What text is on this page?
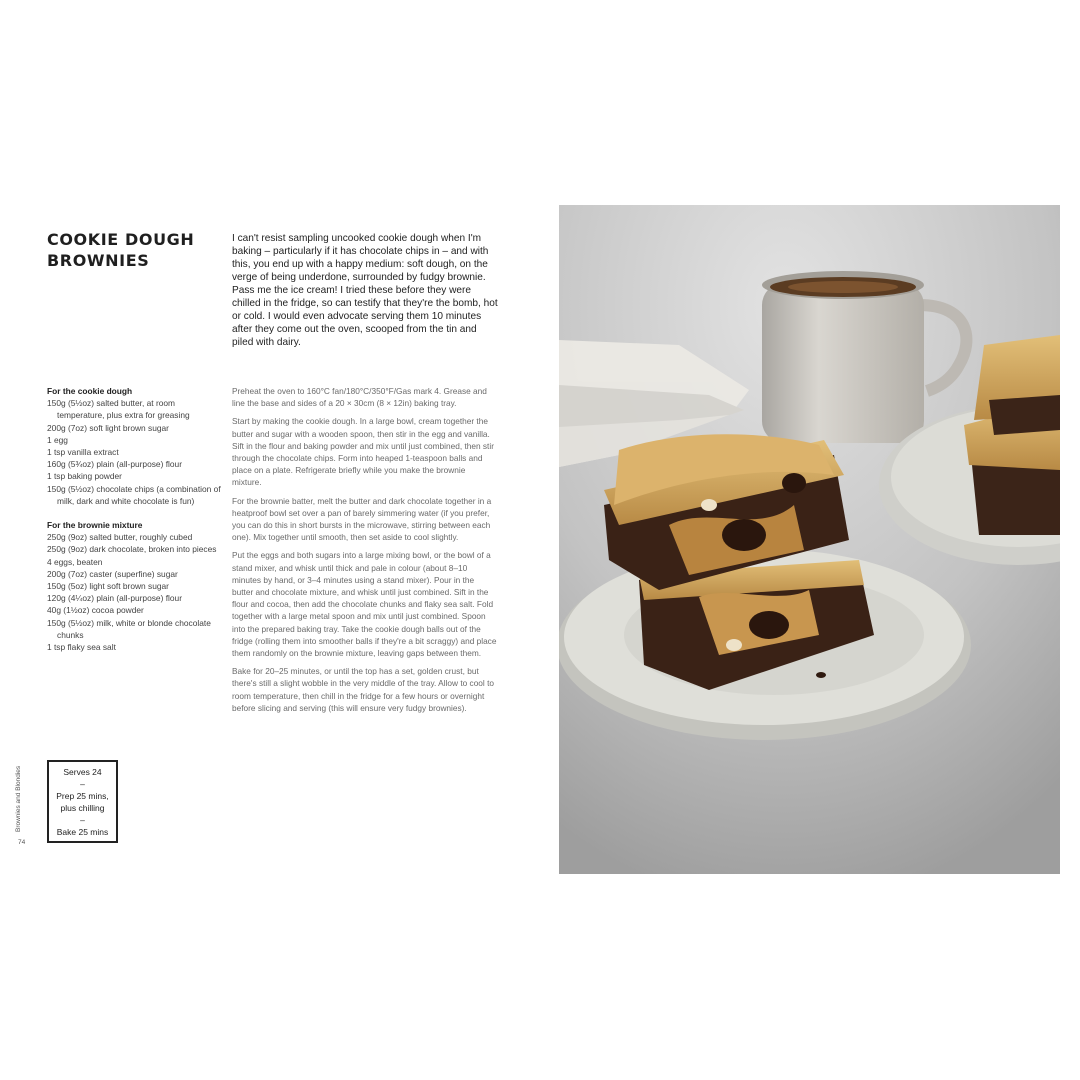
COOKIE DOUGH
BROWNIES
I can't resist sampling uncooked cookie dough when I'm baking – particularly if it has chocolate chips in – and with this, you end up with a happy medium: soft dough, on the verge of being underdone, surrounded by fudgy brownie. Pass me the ice cream! I tried these before they were chilled in the fridge, so can testify that they're the bomb, hot or cold. I would even advocate serving them 10 minutes after they come out the oven, scooped from the tin and piled with dairy.
For the cookie dough
150g (5½oz) salted butter, at room temperature, plus extra for greasing
200g (7oz) soft light brown sugar
1 egg
1 tsp vanilla extract
160g (5¾oz) plain (all-purpose) flour
1 tsp baking powder
150g (5½oz) chocolate chips (a combination of milk, dark and white chocolate is fun)
For the brownie mixture
250g (9oz) salted butter, roughly cubed
250g (9oz) dark chocolate, broken into pieces
4 eggs, beaten
200g (7oz) caster (superfine) sugar
150g (5oz) light soft brown sugar
120g (4¼oz) plain (all-purpose) flour
40g (1½oz) cocoa powder
150g (5½oz) milk, white or blonde chocolate chunks
1 tsp flaky sea salt

Preheat the oven to 160°C fan/180°C/350°F/Gas mark 4. Grease and line the base and sides of a 20 × 30cm (8 × 12in) baking tray.

Start by making the cookie dough. In a large bowl, cream together the butter and sugar with a wooden spoon, then stir in the egg and vanilla. Sift in the flour and baking powder and mix until just combined, then stir through the chocolate chips. Form into heaped 1-teaspoon balls and place on a plate. Refrigerate briefly while you make the brownie mixture.

For the brownie batter, melt the butter and dark chocolate together in a heatproof bowl set over a pan of barely simmering water (if you prefer, you can do this in short bursts in the microwave, stirring between each one). Mix together until smooth, then set aside to cool slightly.

Put the eggs and both sugars into a large mixing bowl, or the bowl of a stand mixer, and whisk until thick and pale in colour (about 8–10 minutes by hand, or 3–4 minutes using a stand mixer). Pour in the butter and chocolate mixture, and whisk until just combined. Sift in the flour and cocoa, then add the chocolate chunks and flaky sea salt. Fold together with a large metal spoon and mix until just combined. Spoon into the prepared baking tray. Take the cookie dough balls out of the fridge (rolling them into smoother balls if they're a bit scraggy) and place them randomly on the brownie mixture, leaving gaps between them.

Bake for 20–25 minutes, or until the top has a set, golden crust, but there's still a slight wobble in the very middle of the tray. Allow to cool to room temperature, then chill in the fridge for a few hours or overnight before slicing and serving (this will ensure very fudgy brownies).

Serves 24
–
Prep 25 mins, plus chilling
–
Bake 25 mins
Brownies and Blondies
74
